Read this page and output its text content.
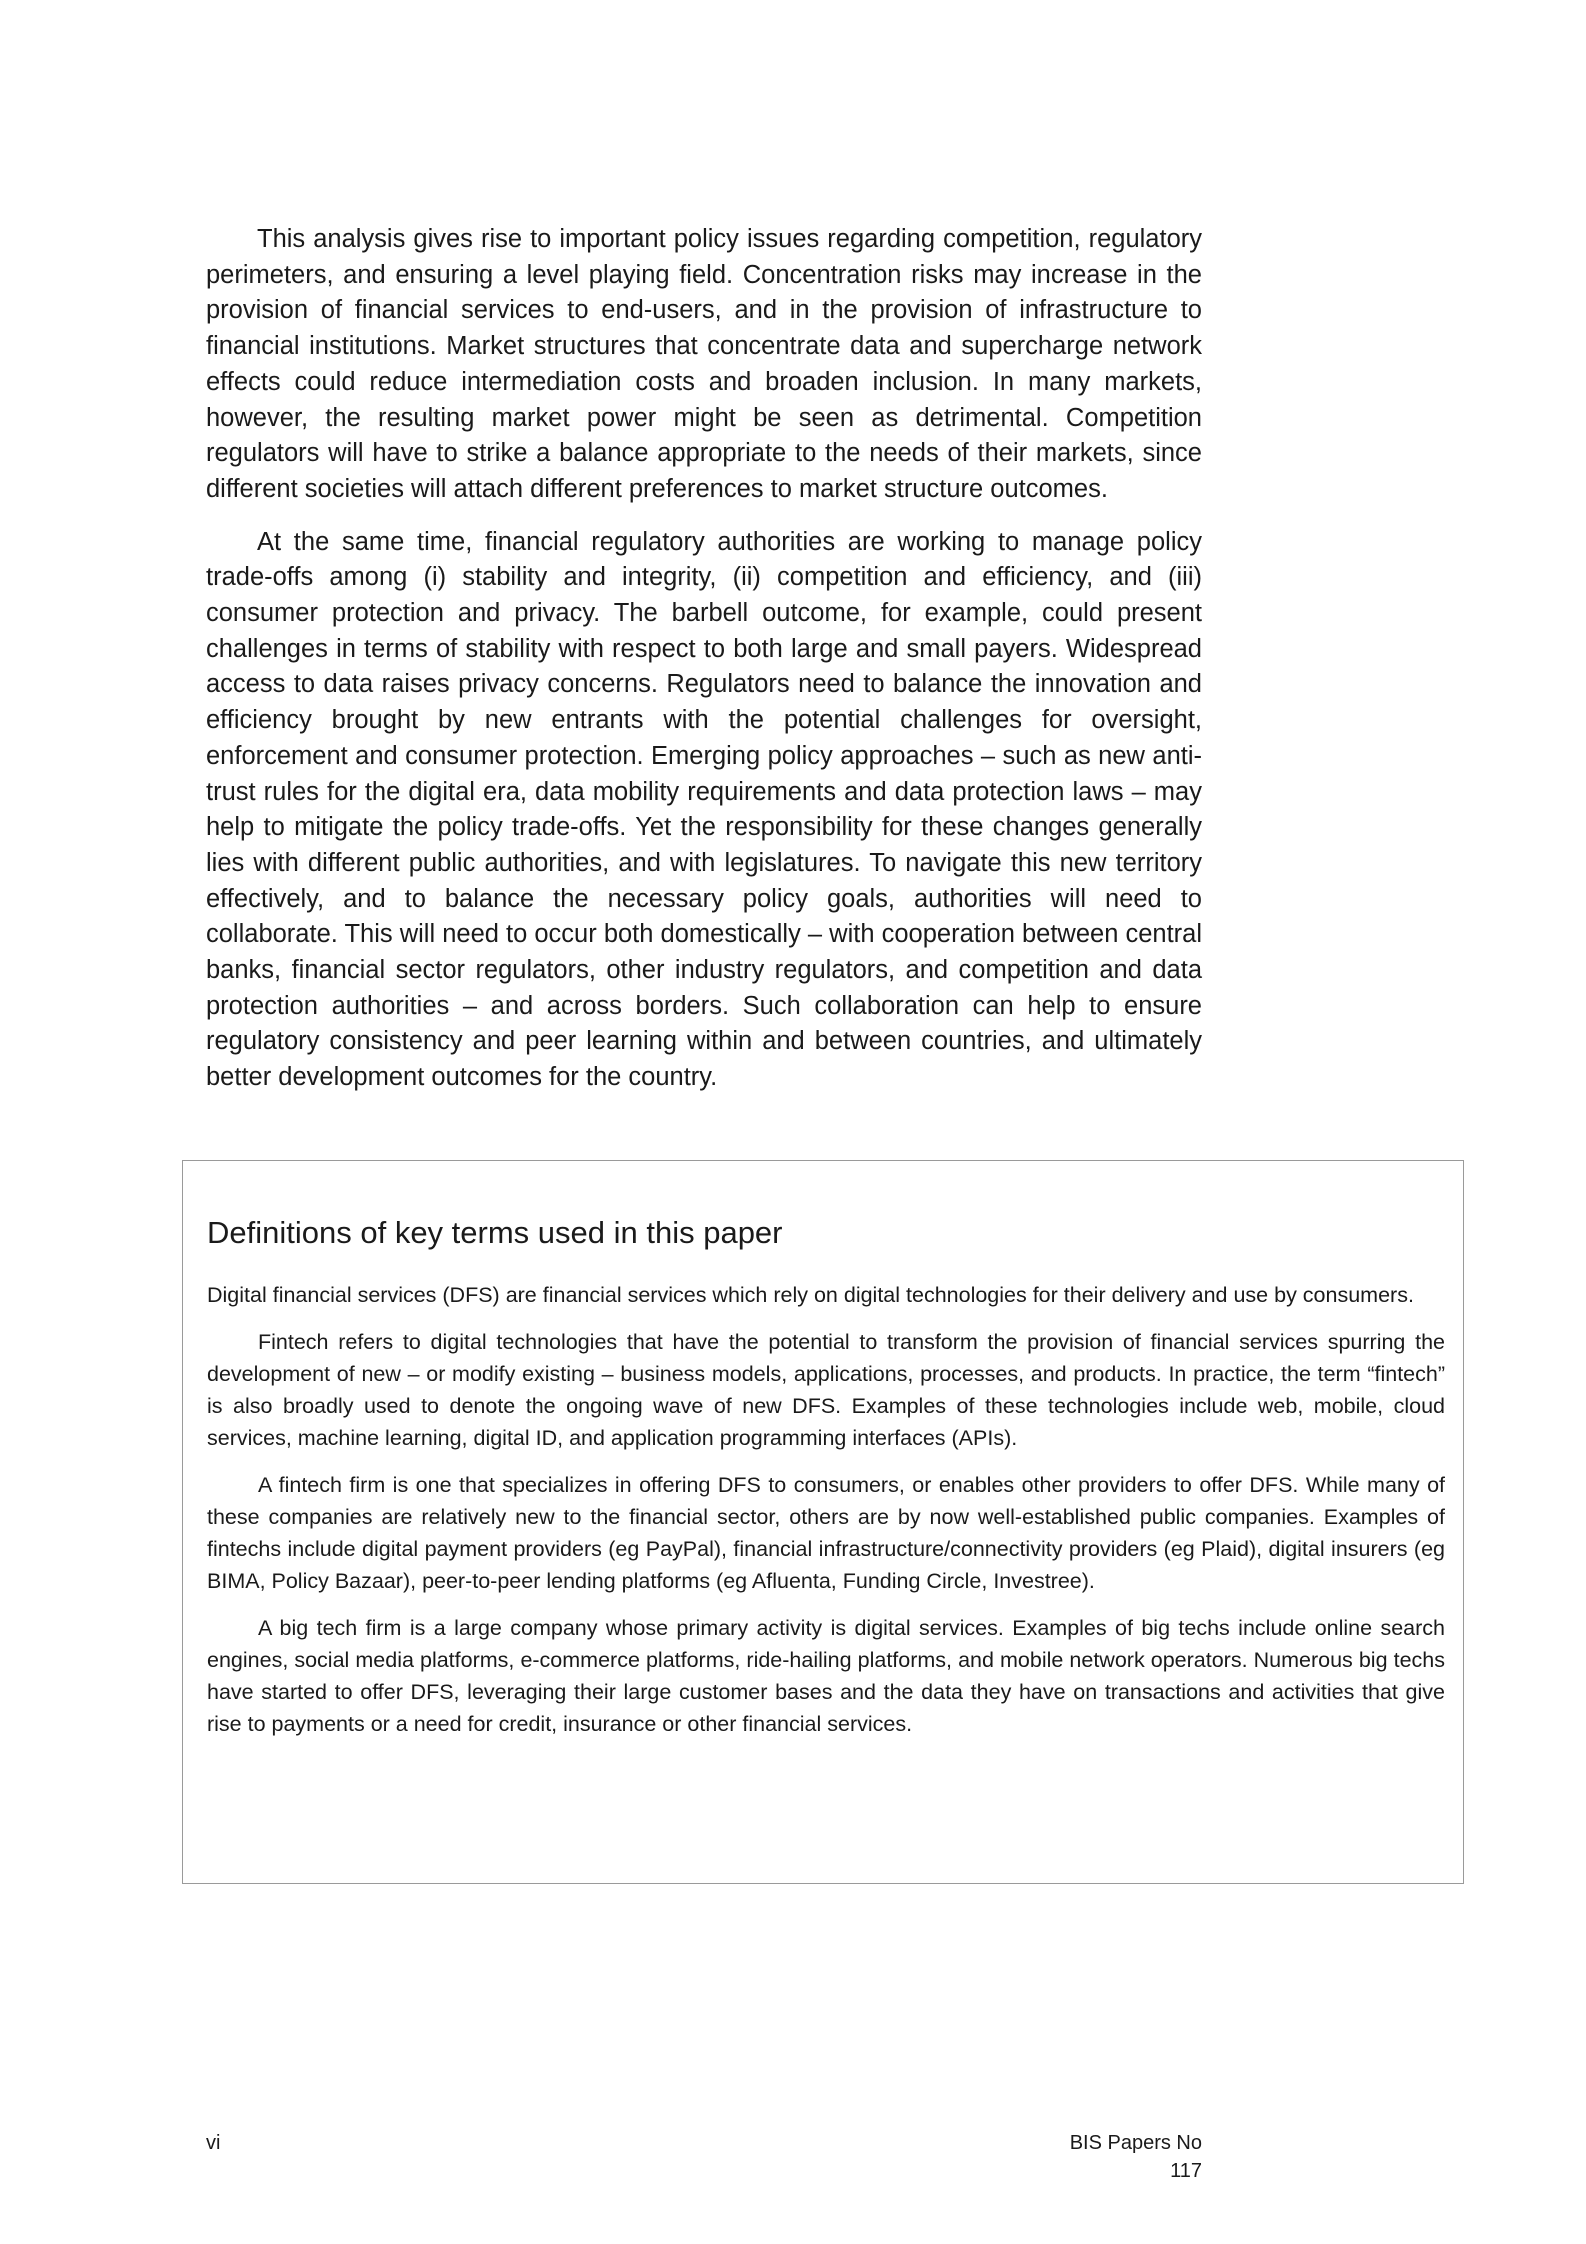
This analysis gives rise to important policy issues regarding competition, regulatory perimeters, and ensuring a level playing field. Concentration risks may increase in the provision of financial services to end-users, and in the provision of infrastructure to financial institutions. Market structures that concentrate data and supercharge network effects could reduce intermediation costs and broaden inclusion. In many markets, however, the resulting market power might be seen as detrimental. Competition regulators will have to strike a balance appropriate to the needs of their markets, since different societies will attach different preferences to market structure outcomes.

At the same time, financial regulatory authorities are working to manage policy trade-offs among (i) stability and integrity, (ii) competition and efficiency, and (iii) consumer protection and privacy. The barbell outcome, for example, could present challenges in terms of stability with respect to both large and small payers. Widespread access to data raises privacy concerns. Regulators need to balance the innovation and efficiency brought by new entrants with the potential challenges for oversight, enforcement and consumer protection. Emerging policy approaches – such as new anti-trust rules for the digital era, data mobility requirements and data protection laws – may help to mitigate the policy trade-offs. Yet the responsibility for these changes generally lies with different public authorities, and with legislatures. To navigate this new territory effectively, and to balance the necessary policy goals, authorities will need to collaborate. This will need to occur both domestically – with cooperation between central banks, financial sector regulators, other industry regulators, and competition and data protection authorities – and across borders. Such collaboration can help to ensure regulatory consistency and peer learning within and between countries, and ultimately better development outcomes for the country.

Definitions of key terms used in this paper

Digital financial services (DFS) are financial services which rely on digital technologies for their delivery and use by consumers.

Fintech refers to digital technologies that have the potential to transform the provision of financial services spurring the development of new – or modify existing – business models, applications, processes, and products. In practice, the term “fintech” is also broadly used to denote the ongoing wave of new DFS. Examples of these technologies include web, mobile, cloud services, machine learning, digital ID, and application programming interfaces (APIs).

A fintech firm is one that specializes in offering DFS to consumers, or enables other providers to offer DFS. While many of these companies are relatively new to the financial sector, others are by now well-established public companies. Examples of fintechs include digital payment providers (eg PayPal), financial infrastructure/connectivity providers (eg Plaid), digital insurers (eg BIMA, Policy Bazaar), peer-to-peer lending platforms (eg Afluenta, Funding Circle, Investree).

A big tech firm is a large company whose primary activity is digital services. Examples of big techs include online search engines, social media platforms, e-commerce platforms, ride-hailing platforms, and mobile network operators. Numerous big techs have started to offer DFS, leveraging their large customer bases and the data they have on transactions and activities that give rise to payments or a need for credit, insurance or other financial services.

vi	BIS Papers No 117
